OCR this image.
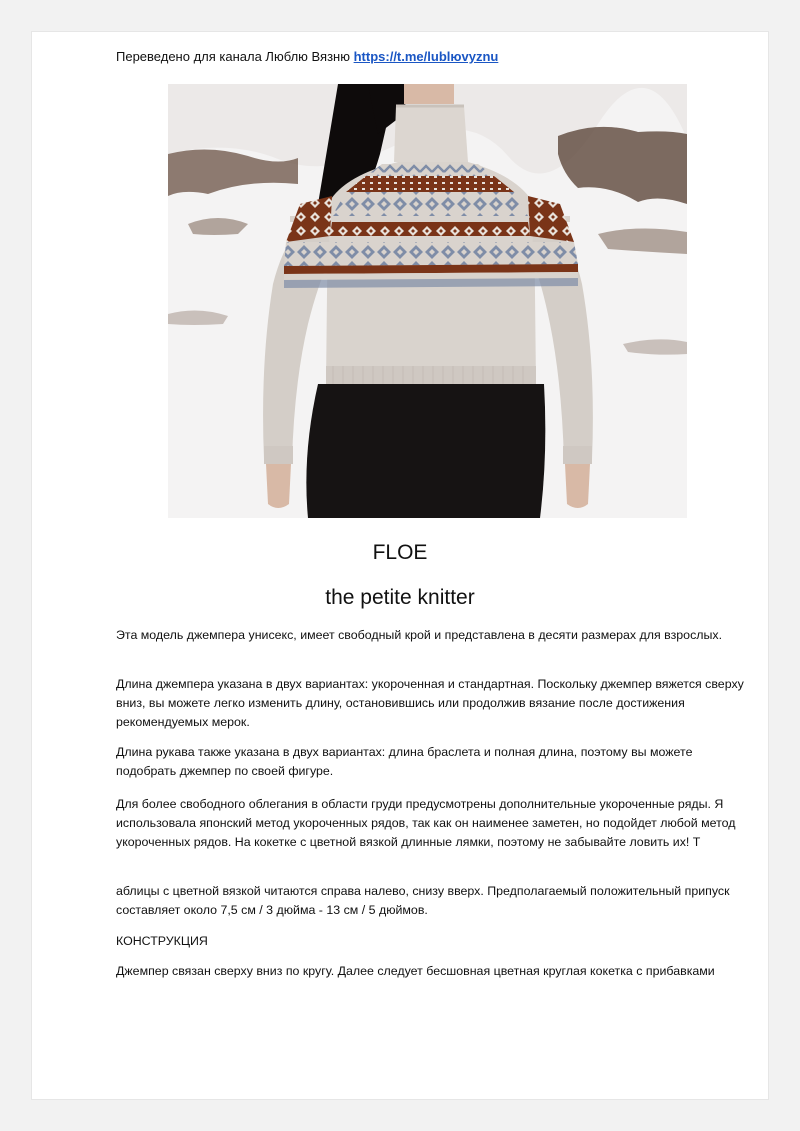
Переведено для канала Люблю Вязню https://t.me/lublюvyznu
FLOE
the petite knitter

Эта модель джемпера унисекс, имеет свободный крой и представлена в десяти размерах для взрослых.

Длина джемпера указана в двух вариантах: укороченная и стандартная. Поскольку джемпер вяжется сверху вниз, вы можете легко изменить длину, остановившись или продолжив вязание после достижения рекомендуемых мерок.

Длина рукава также указана в двух вариантах: длина браслета и полная длина, поэтому вы можете подобрать джемпер по своей фигуре.

Для более свободного облегания в области груди предусмотрены дополнительные укороченные ряды. Я использовала японский метод укороченных рядов, так как он наименее заметен, но подойдет любой метод укороченных рядов. На кокетке с цветной вязкой длинные лямки, поэтому не забывайте ловить их! Т

аблицы с цветной вязкой читаются справа налево, снизу вверх. Предполагаемый положительный припуск составляет около 7,5 см / 3 дюйма - 13 см / 5 дюймов.

КОНСТРУКЦИЯ

Джемпер связан сверху вниз по кругу. Далее следует бесшовная цветная круглая кокетка с прибавками
